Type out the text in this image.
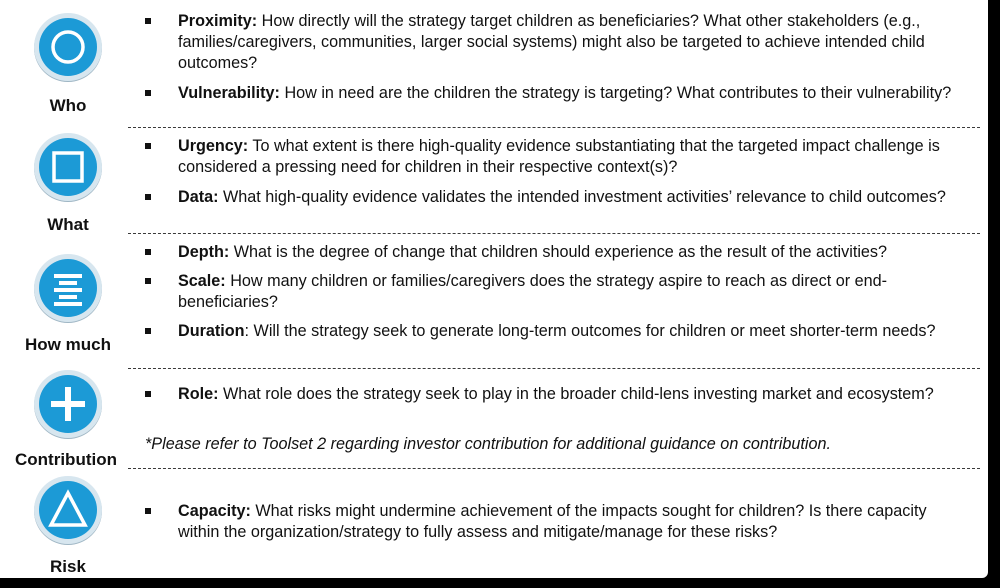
Who
Proximity: How directly will the strategy target children as beneficiaries? What other stakeholders (e.g., families/caregivers, communities, larger social systems) might also be targeted to achieve intended child outcomes?
Vulnerability: How in need are the children the strategy is targeting? What contributes to their vulnerability?
What
Urgency: To what extent is there high-quality evidence substantiating that the targeted impact challenge is considered a pressing need for children in their respective context(s)?
Data: What high-quality evidence validates the intended investment activities’ relevance to child outcomes?
How much
Depth: What is the degree of change that children should experience as the result of the activities?
Scale: How many children or families/caregivers does the strategy aspire to reach as direct or end-beneficiaries?
Duration: Will the strategy seek to generate long-term outcomes for children or meet shorter-term needs?
Contribution
Role: What role does the strategy seek to play in the broader child-lens investing market and ecosystem?
*Please refer to Toolset 2 regarding investor contribution for additional guidance on contribution.
Risk
Capacity: What risks might undermine achievement of the impacts sought for children? Is there capacity within the organization/strategy to fully assess and mitigate/manage for these risks?
